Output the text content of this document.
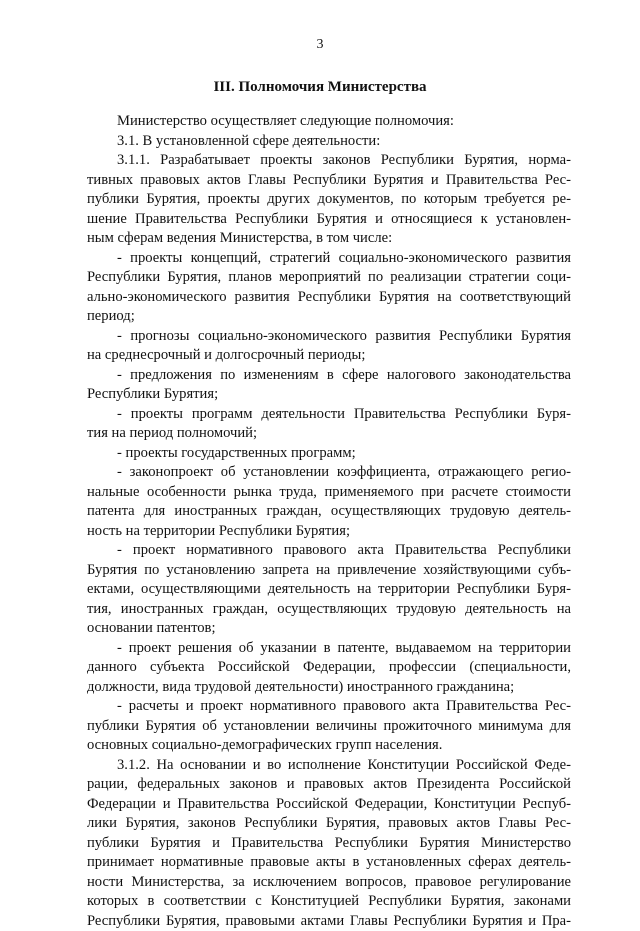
3
III. Полномочия Министерства
Министерство осуществляет следующие полномочия:
3.1. В установленной сфере деятельности:
3.1.1. Разрабатывает проекты законов Республики Бурятия, норма-
тивных правовых актов Главы Республики Бурятия и Правительства Рес-
публики Бурятия, проекты других документов, по которым требуется ре-
шение Правительства Республики Бурятия и относящиеся к установлен-
ным сферам ведения Министерства, в том числе:
- проекты концепций, стратегий социально-экономического развития
Республики Бурятия, планов мероприятий по реализации стратегии соци-
ально-экономического развития Республики Бурятия на соответствующий
период;
- прогнозы социально-экономического развития Республики Бурятия
на среднесрочный и долгосрочный периоды;
- предложения по изменениям в сфере налогового законодательства
Республики Бурятия;
- проекты программ деятельности Правительства Республики Буря-
тия на период полномочий;
- проекты государственных программ;
- законопроект об установлении коэффициента, отражающего регио-
нальные особенности рынка труда, применяемого при расчете стоимости
патента для иностранных граждан, осуществляющих трудовую деятель-
ность на территории Республики Бурятия;
- проект нормативного правового акта Правительства Республики
Бурятия по установлению запрета на привлечение хозяйствующими субъ-
ектами, осуществляющими деятельность на территории Республики Буря-
тия, иностранных граждан, осуществляющих трудовую деятельность на
основании патентов;
- проект решения об указании в патенте, выдаваемом на территории
данного субъекта Российской Федерации, профессии (специальности,
должности, вида трудовой деятельности) иностранного гражданина;
- расчеты и проект нормативного правового акта Правительства Рес-
публики Бурятия об установлении величины прожиточного минимума для
основных социально-демографических групп населения.
3.1.2. На основании и во исполнение Конституции Российской Феде-
рации, федеральных законов и правовых актов Президента Российской
Федерации и Правительства Российской Федерации, Конституции Респуб-
лики Бурятия, законов Республики Бурятия, правовых актов Главы Рес-
публики Бурятия и Правительства Республики Бурятия Министерство
принимает нормативные правовые акты в установленных сферах деятель-
ности Министерства, за исключением вопросов, правовое регулирование
которых в соответствии с Конституцией Республики Бурятия, законами
Республики Бурятия, правовыми актами Главы Республики Бурятия и Пра-
